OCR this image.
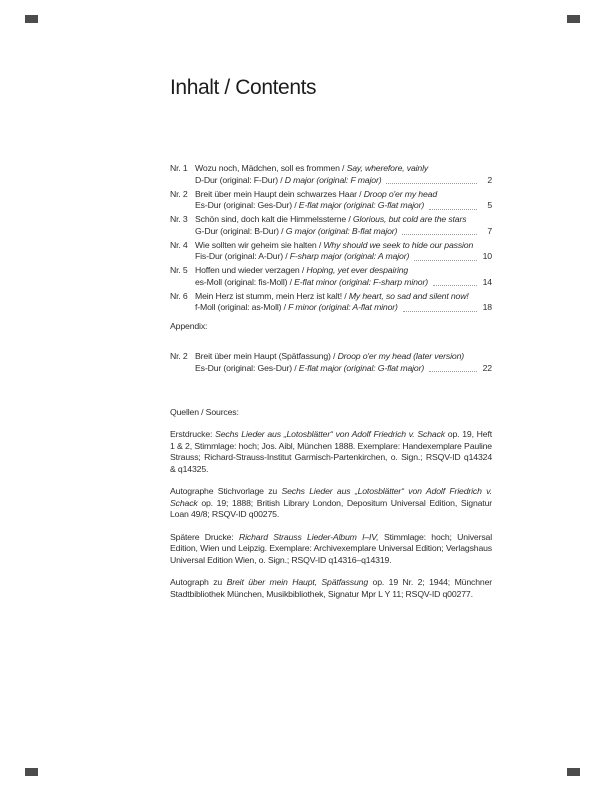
Inhalt / Contents
Nr. 1 Wozu noch, Mädchen, soll es frommen / Say, wherefore, vainly
D-Dur (original: F-Dur) / D major (original: F major)	2
Nr. 2 Breit über mein Haupt dein schwarzes Haar / Droop o'er my head
Es-Dur (original: Ges-Dur) / E-flat major (original: G-flat major)	5
Nr. 3 Schön sind, doch kalt die Himmelssterne / Glorious, but cold are the stars
G-Dur (original: B-Dur) / G major (original: B-flat major)	7
Nr. 4 Wie sollten wir geheim sie halten / Why should we seek to hide our passion
Fis-Dur (original: A-Dur) / F-sharp major (original: A major)	10
Nr. 5 Hoffen und wieder verzagen / Hoping, yet ever despairing
es-Moll (original: fis-Moll) / E-flat minor (original: F-sharp minor)	14
Nr. 6 Mein Herz ist stumm, mein Herz ist kalt! / My heart, so sad and silent now!
f-Moll (original: as-Moll) / F minor (original: A-flat minor)	18
Appendix:
Nr. 2 Breit über mein Haupt (Spätfassung) / Droop o'er my head (later version)
Es-Dur (original: Ges-Dur) / E-flat major (original: G-flat major)	22
Quellen / Sources:

Erstdrucke: Sechs Lieder aus „Lotosblätter“ von Adolf Friedrich v. Schack op. 19, Heft 1 & 2, Stimmlage: hoch; Jos. Aibl, München 1888. Exemplare: Handexemplare Pauline Strauss; Richard-Strauss-Institut Garmisch-Partenkirchen, o. Sign.; RSQV-ID q14324 & q14325.

Autographe Stichvorlage zu Sechs Lieder aus „Lotosblätter“ von Adolf Friedrich v. Schack op. 19; 1888; British Library London, Depositum Universal Edition, Signatur Loan 49/8; RSQV-ID q00275.

Spätere Drucke: Richard Strauss Lieder-Album I–IV, Stimmlage: hoch; Universal Edition, Wien und Leipzig. Exemplare: Archivexemplare Universal Edition; Verlagshaus Universal Edition Wien, o. Sign.; RSQV-ID q14316–q14319.

Autograph zu Breit über mein Haupt, Spätfassung op. 19 Nr. 2; 1944; Münchner Stadtbibliothek München, Musikbibliothek, Signatur Mpr L Y 11; RSQV-ID q00277.
